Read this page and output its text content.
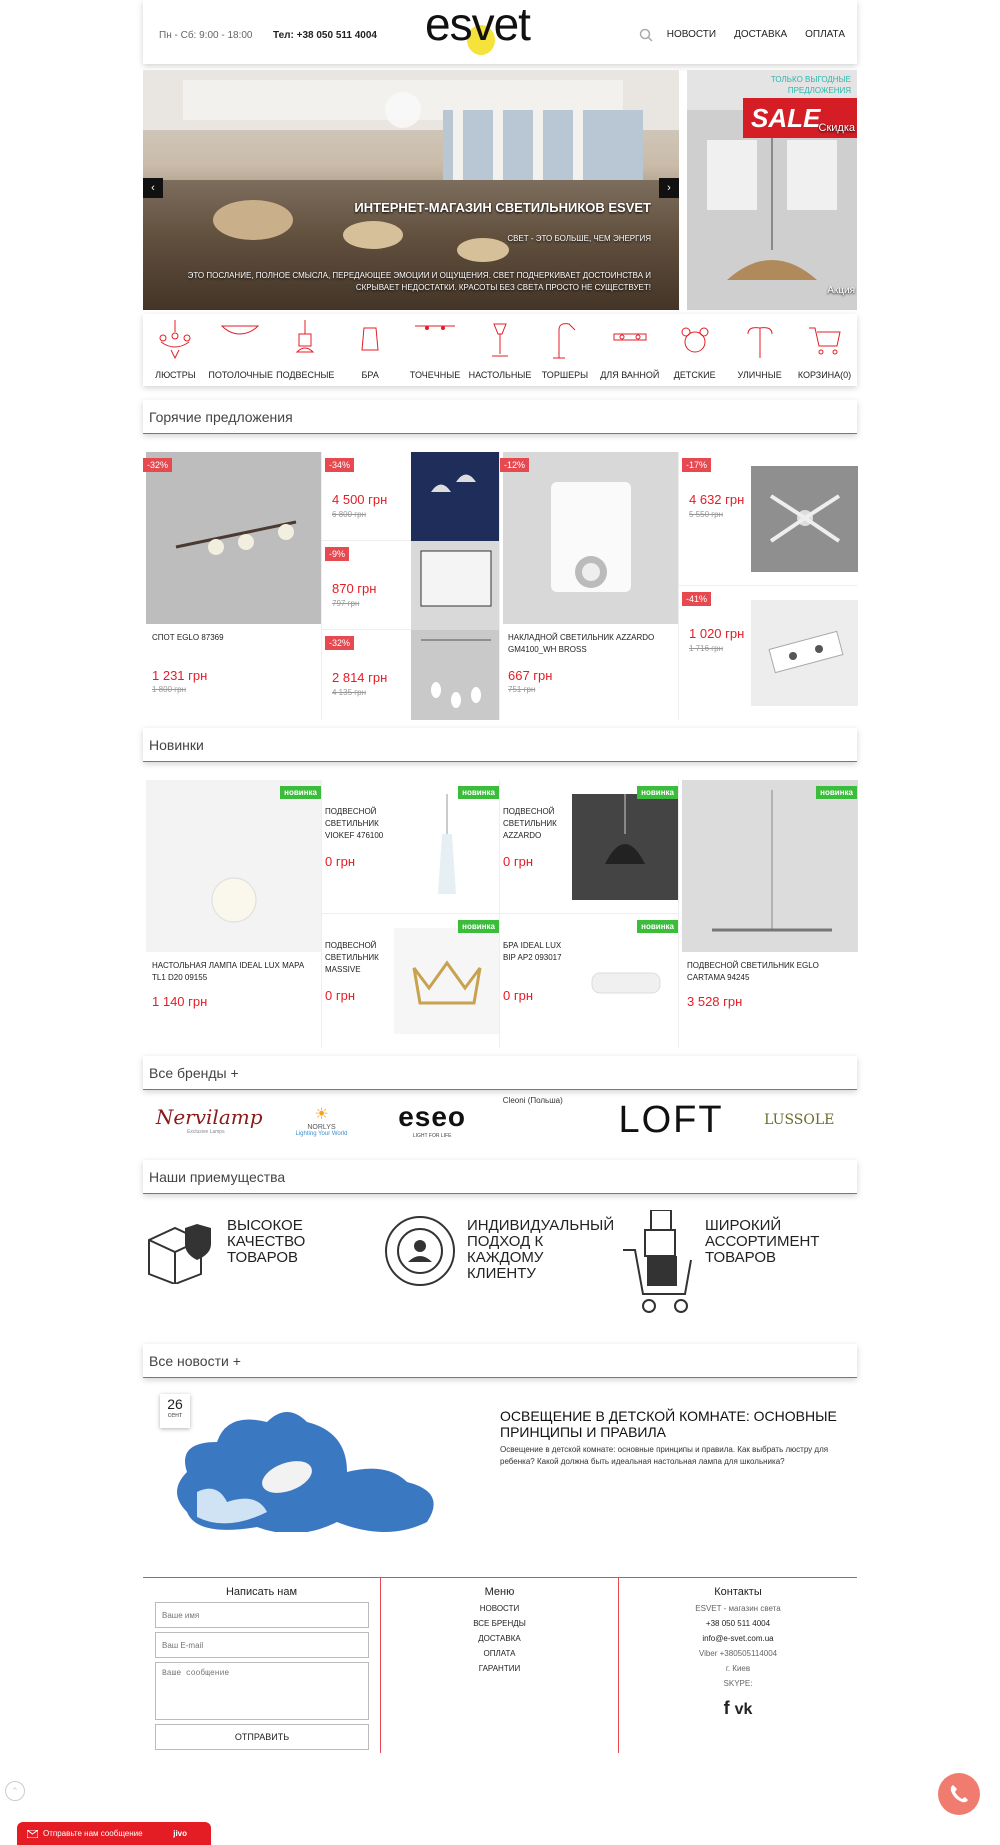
Пн - Сб: 9:00 - 18:00 Тел: +38 050 511 4004 esvet	НОВОСТИ ДОСТАВКА ОПЛАТА
‹	›
ИНТЕРНЕТ-МАГАЗИН СВЕТИЛЬНИКОВ ESVET
СВЕТ - ЭТО БОЛЬШЕ, ЧЕМ ЭНЕРГИЯ
ЭТО ПОСЛАНИЕ, ПОЛНОЕ СМЫСЛА, ПЕРЕДАЮЩЕЕ ЭМОЦИИ И ОЩУЩЕНИЯ. СВЕТ ПОДЧЕРКИВАЕТ ДОСТОИНСТВА И СКРЫВАЕТ НЕДОСТАТКИ. КРАСОТЫ БЕЗ СВЕТА ПРОСТО НЕ СУЩЕСТВУЕТ!
ТОЛЬКО ВЫГОДНЫЕ ПРЕДЛОЖЕНИЯ
SALE
Скидка
Акция
ЛЮСТРЫ	ПОТОЛОЧНЫЕ ПОДВЕСНЫЕ	БРА	ТОЧЕЧНЫЕ НАСТОЛЬНЫЕ	ТОРШЕРЫ	ДЛЯ ВАННОЙ	ДЕТСКИЕ	УЛИЧНЫЕ	КОРЗИНА(0)
Горячие предложения
-32%
СПОТ EGLO 87369
1 231 грн
1 800 грн
-34%
4 500 грн
6 800 грн
-9%
870 грн
797 грн
-32%
2 814 грн
4 135 грн
-12%
НАКЛАДНОЙ СВЕТИЛЬНИК AZZARDO GM4100_WH BROSS
667 грн
751 грн
-17%
4 632 грн
5 550 грн
-41%
1 020 грн
1 716 грн
Новинки
новинка
НАСТОЛЬНАЯ ЛАМПА IDEAL LUX MAPA TL1 D20 09155
1 140 грн
ПОДВЕСНОЙ СВЕТИЛЬНИК VIOKEF 476100
0 грн
новинка
ПОДВЕСНОЙ СВЕТИЛЬНИК AZZARDO
0 грн
новинка
ПОДВЕСНОЙ СВЕТИЛЬНИК MASSIVE
0 грн
новинка
БРА IDEAL LUX BIP AP2 093017
0 грн
новинка
новинка
ПОДВЕСНОЙ СВЕТИЛЬНИК EGLO CARTAMA 94245
3 528 грн
Все бренды +
Nervilamp
Exclusive Lamps
☀
NORLYS
Lighting Your World
eseo
LIGHT FOR LIFE
Cleoni (Польша)	LOFT	LUSSOLE
Наши приемущества
ВЫСОКОЕ КАЧЕСТВО ТОВАРОВ
ИНДИВИДУАЛЬНЫЙ ПОДХОД К КАЖДОМУ КЛИЕНТУ
ШИРОКИЙ АССОРТИМЕНТ ТОВАРОВ
Все новости +
26
сент	ОСВЕЩЕНИЕ В ДЕТСКОЙ КОМНАТЕ: ОСНОВНЫЕ ПРИНЦИПЫ И ПРАВИЛА
Освещение в детской комнате: основные принципы и правила. Как выбрать люстру для ребенка? Какой должна быть идеальная настольная лампа для школьника?
Написать нам
Ваше имя
Ваш E-mail
Ваше сообщение
ОТПРАВИТЬ
Меню
НОВОСТИ
ВСЕ БРЕНДЫ
ДОСТАВКА
ОПЛАТА
ГАРАНТИИ
Контакты
ESVET - магазин света
+38 050 511 4004
info@e-svet.com.ua
Viber +380505114004
г. Киев
SKYPE:
f vk
⌃
Отправьте нам сообщение	jivo
